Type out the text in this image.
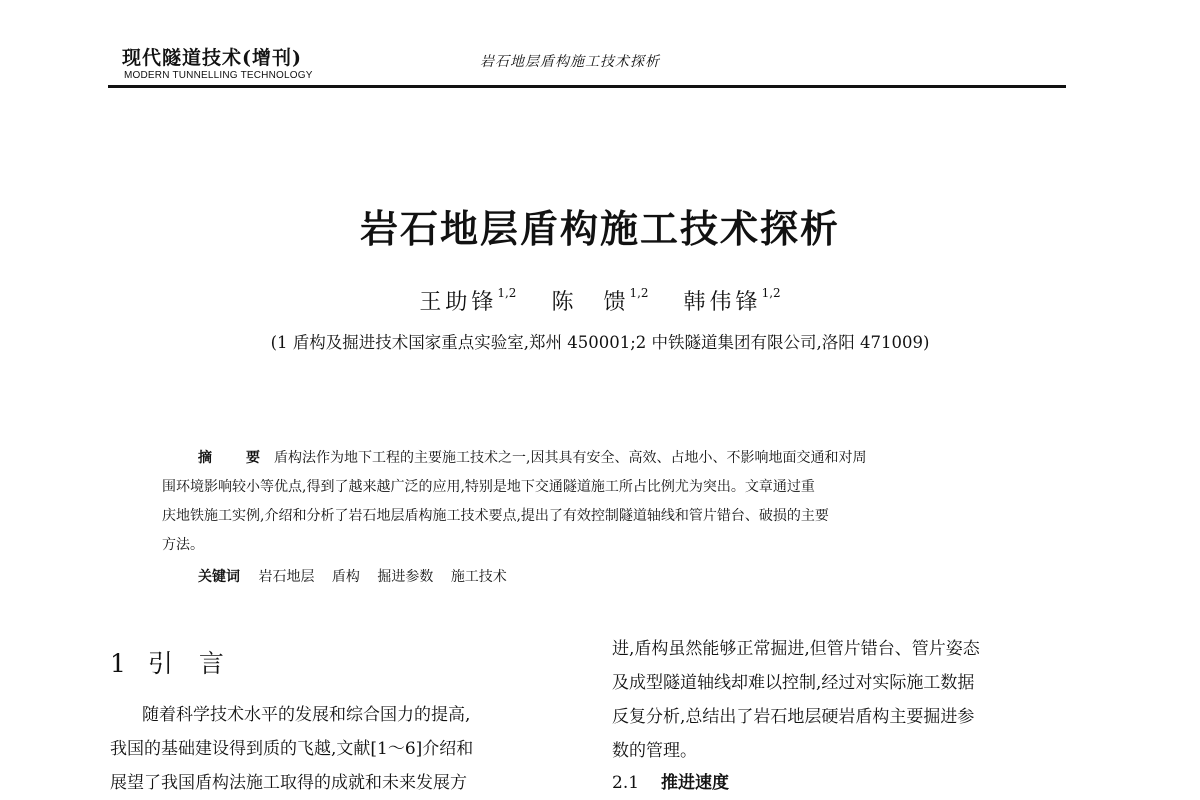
现代隧道技术(增刊)
MODERN TUNNELLING TECHNOLOGY
岩石地层盾构施工技术探析
岩石地层盾构施工技术探析
王助锋$^{1,2}$ 陈　馈$^{1,2}$ 韩伟锋$^{1,2}$
(1 盾构及掘进技术国家重点实验室,郑州 450001;2 中铁隧道集团有限公司,洛阳 471009)
摘　要 盾构法作为地下工程的主要施工技术之一,因其具有安全、高效、占地小、不影响地面交通和对周
围环境影响较小等优点,得到了越来越广泛的应用,特别是地下交通隧道施工所占比例尤为突出。文章通过重
庆地铁施工实例,介绍和分析了岩石地层盾构施工技术要点,提出了有效控制隧道轴线和管片错台、破损的主要
方法。
关键词 岩石地层 盾构 掘进参数 施工技术
1 引言
随着科学技术水平的发展和综合国力的提高,
我国的基础建设得到质的飞越,文献[1～6]介绍和
展望了我国盾构法施工取得的成就和未来发展方
进,盾构虽然能够正常掘进,但管片错台、管片姿态
及成型隧道轴线却难以控制,经过对实际施工数据
反复分析,总结出了岩石地层硬岩盾构主要掘进参
数的管理。
2.1 推进速度
